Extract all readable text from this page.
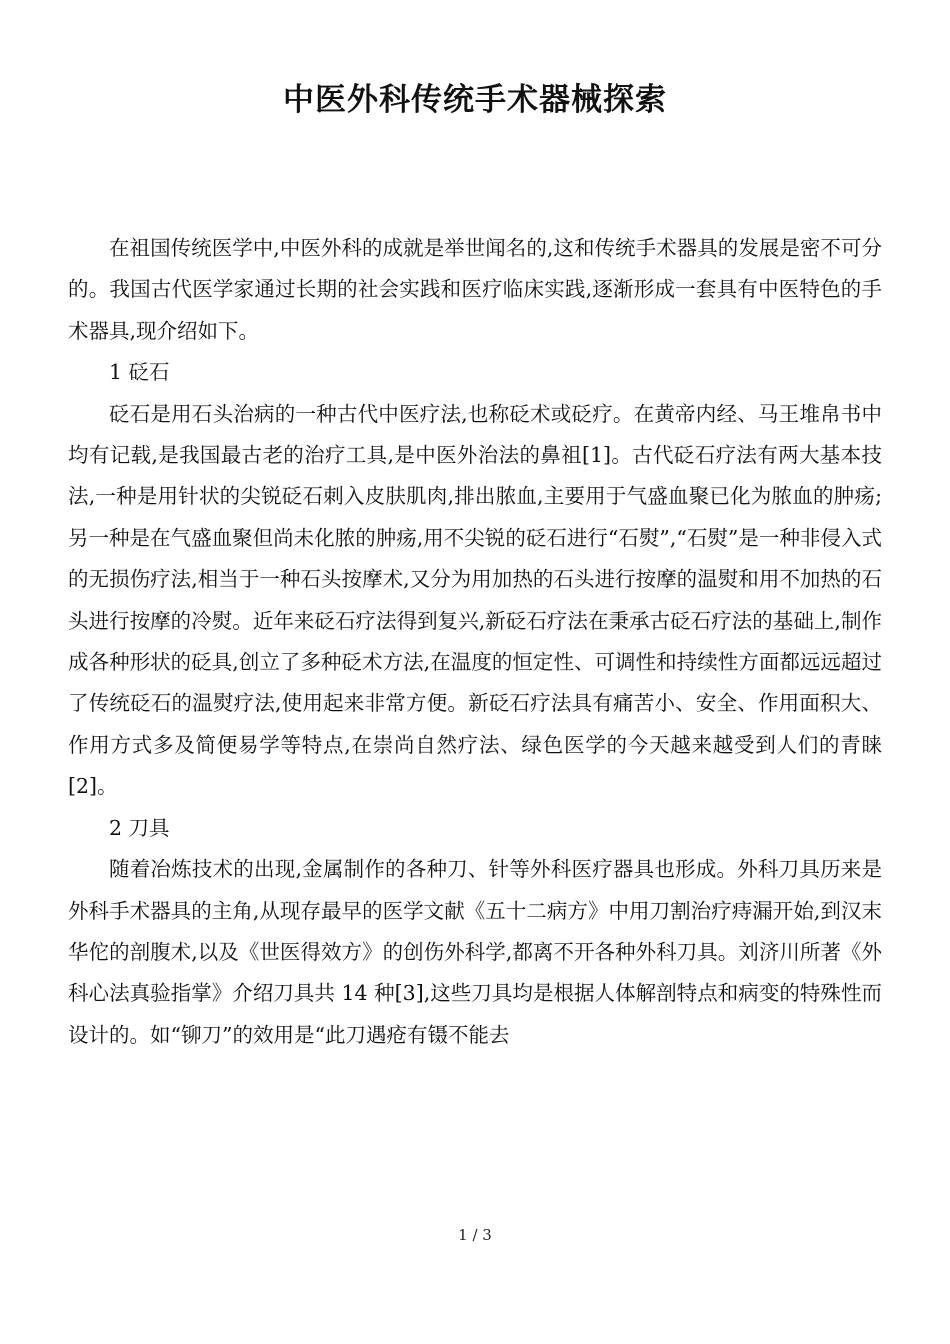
中医外科传统手术器械探索

在祖国传统医学中,中医外科的成就是举世闻名的,这和传统手术器具的发展是密不可分的。我国古代医学家通过长期的社会实践和医疗临床实践,逐渐形成一套具有中医特色的手术器具,现介绍如下。

1 砭石

砭石是用石头治病的一种古代中医疗法,也称砭术或砭疗。在黄帝内经、马王堆帛书中均有记载,是我国最古老的治疗工具,是中医外治法的鼻祖[1]。古代砭石疗法有两大基本技法,一种是用针状的尖锐砭石刺入皮肤肌肉,排出脓血,主要用于气盛血聚已化为脓血的肿疡;另一种是在气盛血聚但尚未化脓的肿疡,用不尖锐的砭石进行“石熨”,“石熨”是一种非侵入式的无损伤疗法,相当于一种石头按摩术,又分为用加热的石头进行按摩的温熨和用不加热的石头进行按摩的冷熨。近年来砭石疗法得到复兴,新砭石疗法在秉承古砭石疗法的基础上,制作成各种形状的砭具,创立了多种砭术方法,在温度的恒定性、可调性和持续性方面都远远超过了传统砭石的温熨疗法,使用起来非常方便。新砭石疗法具有痛苦小、安全、作用面积大、作用方式多及简便易学等特点,在崇尚自然疗法、绿色医学的今天越来越受到人们的青睐[2]。

2 刀具

随着冶炼技术的出现,金属制作的各种刀、针等外科医疗器具也形成。外科刀具历来是外科手术器具的主角,从现存最早的医学文献《五十二病方》中用刀割治疗痔漏开始,到汉末华佗的剖腹术,以及《世医得效方》的创伤外科学,都离不开各种外科刀具。刘济川所著《外科心法真验指掌》介绍刀具共 14 种[3],这些刀具均是根据人体解剖特点和病变的特殊性而设计的。如“铆刀”的效用是“此刀遇疮有镊不能去

1 / 3
